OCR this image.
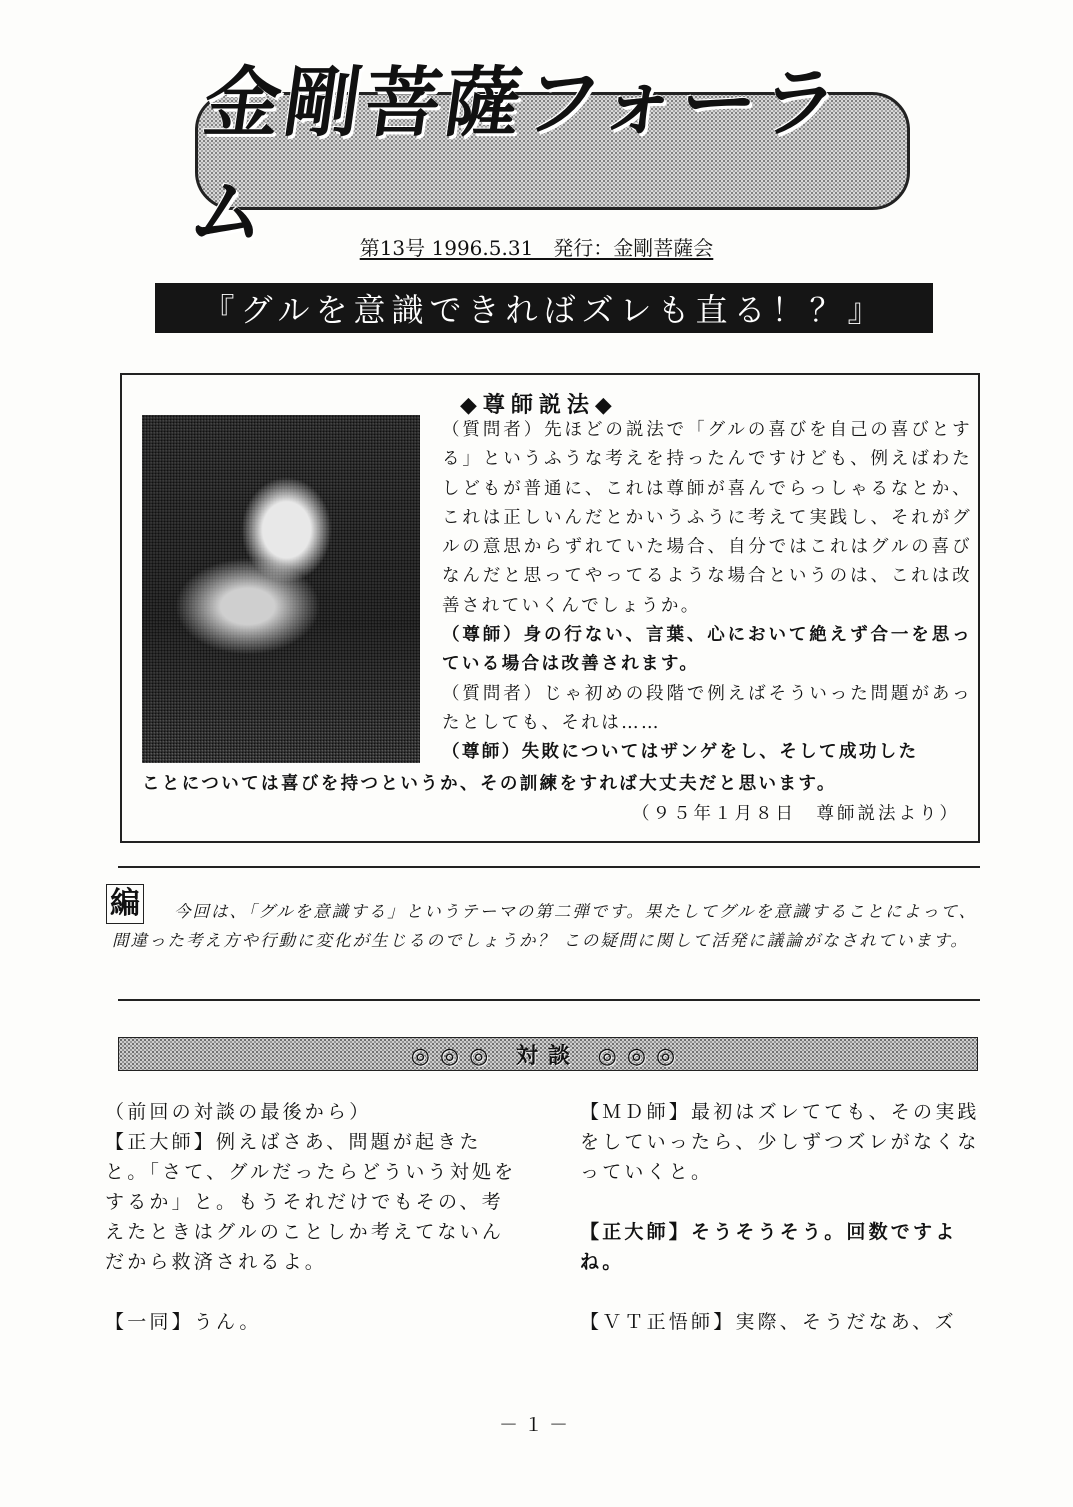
金剛菩薩フォーラム	第13号 1996.5.31　発行：金剛菩薩会
『グルを意識できればズレも直る！？』
◆尊師説法◆

（質問者）先ほどの説法で「グルの喜びを自己の喜びとする」というふうな考えを持ったんですけども、例えばわたしどもが普通に、これは尊師が喜んでらっしゃるなとか、これは正しいんだとかいうふうに考えて実践し、それがグルの意思からずれていた場合、自分ではこれはグルの喜びなんだと思ってやってるような場合というのは、これは改善されていくんでしょうか。

（尊師）身の行ない、言葉、心において絶えず合一を思っている場合は改善されます。

（質問者）じゃ初めの段階で例えばそういった問題があったとしても、それは……

（尊師）失敗についてはザンゲをし、そして成功した

ことについては喜びを持つというか、その訓練をすれば大丈夫だと思います。
（９５年１月８日　尊師説法より）
編	今回は、「グルを意識する」というテーマの第二弾です。果たしてグルを意識することによって、間違った考え方や行動に変化が生じるのでしょうか？ この疑問に関して活発に議論がなされています。
◎◎◎ 対談 ◎◎◎

（前回の対談の最後から）
【正大師】例えばさあ、問題が起きたと。「さて、グルだったらどういう対処をするか」と。もうそれだけでもその、考えたときはグルのことしか考えてないんだから救済されるよ。

【一同】うん。

【ＭＤ師】最初はズレてても、その実践をしていったら、少しずつズレがなくなっていくと。

【正大師】そうそうそう。回数ですよね。

【ＶＴ正悟師】実際、そうだなあ、ズ

－１－
